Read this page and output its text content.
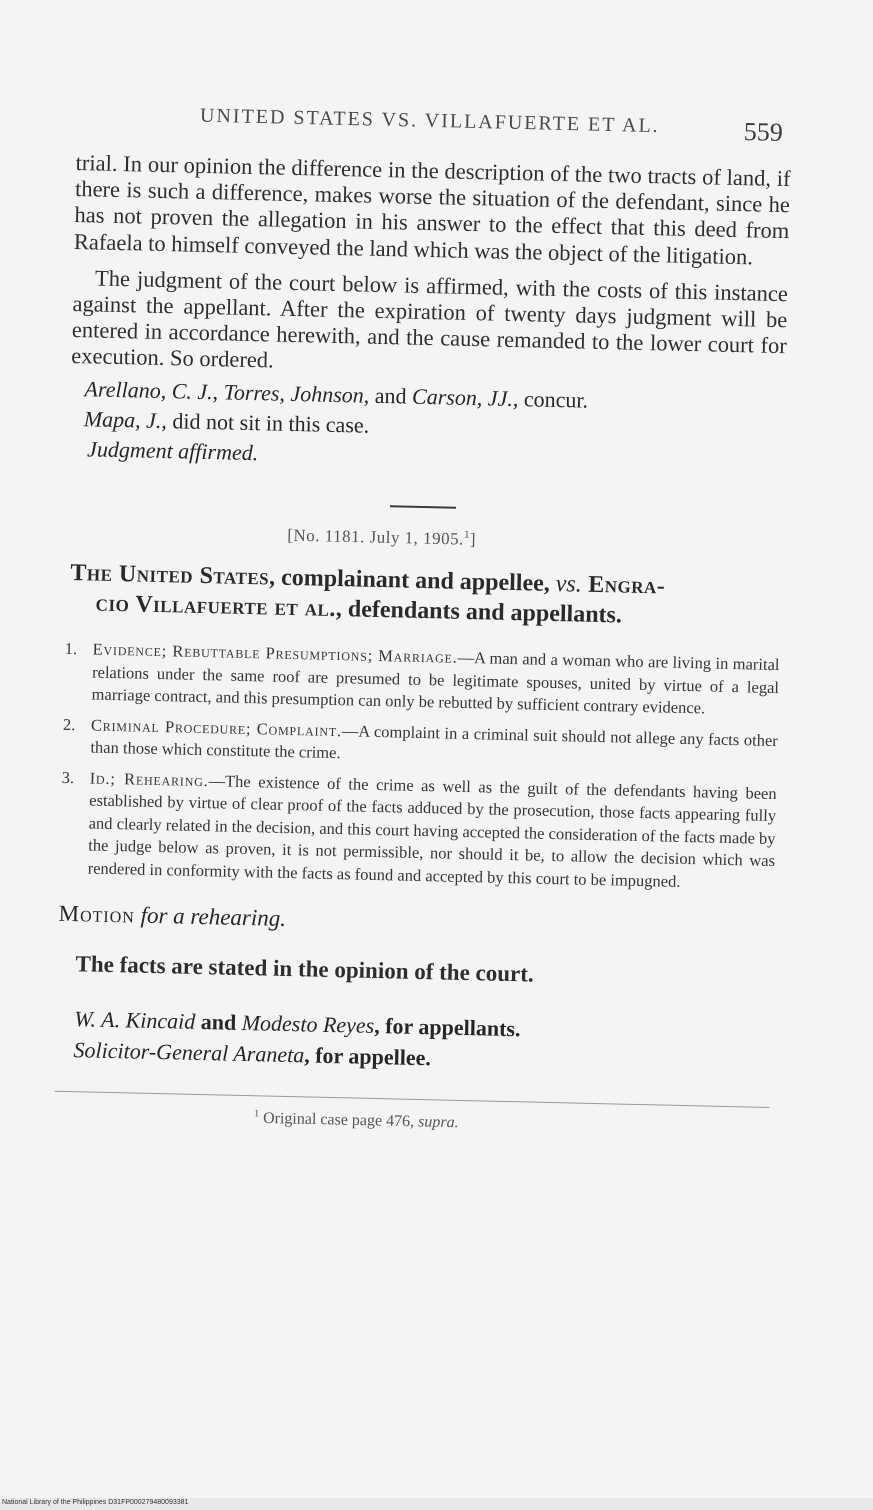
UNITED STATES VS. VILLAFUERTE ET AL.	559

trial. In our opinion the difference in the description of the two tracts of land, if there is such a difference, makes worse the situation of the defendant, since he has not proven the allegation in his answer to the effect that this deed from Rafaela to himself conveyed the land which was the object of the litigation.

The judgment of the court below is affirmed, with the costs of this instance against the appellant. After the expiration of twenty days judgment will be entered in accordance herewith, and the cause remanded to the lower court for execution. So ordered.

Arellano, C. J., Torres, Johnson, and Carson, JJ., concur.

Mapa, J., did not sit in this case.

Judgment affirmed.

[No. 1181. July 1, 1905.$^1$]
The United States, complainant and appellee, vs. Engra-
cio Villafuerte et al., defendants and appellants.

1. Evidence; Rebuttable Presumptions; Marriage.—A man and a woman who are living in marital relations under the same roof are presumed to be legitimate spouses, united by virtue of a legal marriage contract, and this presumption can only be rebutted by sufficient contrary evidence.

2. Criminal Procedure; Complaint.—A complaint in a criminal suit should not allege any facts other than those which constitute the crime.

3. Id.; Rehearing.—The existence of the crime as well as the guilt of the defendants having been established by virtue of clear proof of the facts adduced by the prosecution, those facts appearing fully and clearly related in the decision, and this court having accepted the consideration of the facts made by the judge below as proven, it is not permissible, nor should it be, to allow the decision which was rendered in conformity with the facts as found and accepted by this court to be impugned.

Motion for a rehearing.
The facts are stated in the opinion of the court.
W. A. Kincaid and Modesto Reyes, for appellants.
Solicitor-General Araneta, for appellee.
$^1$ Original case page 476, supra.
National Library of the Philippines D31FP000279480093381
